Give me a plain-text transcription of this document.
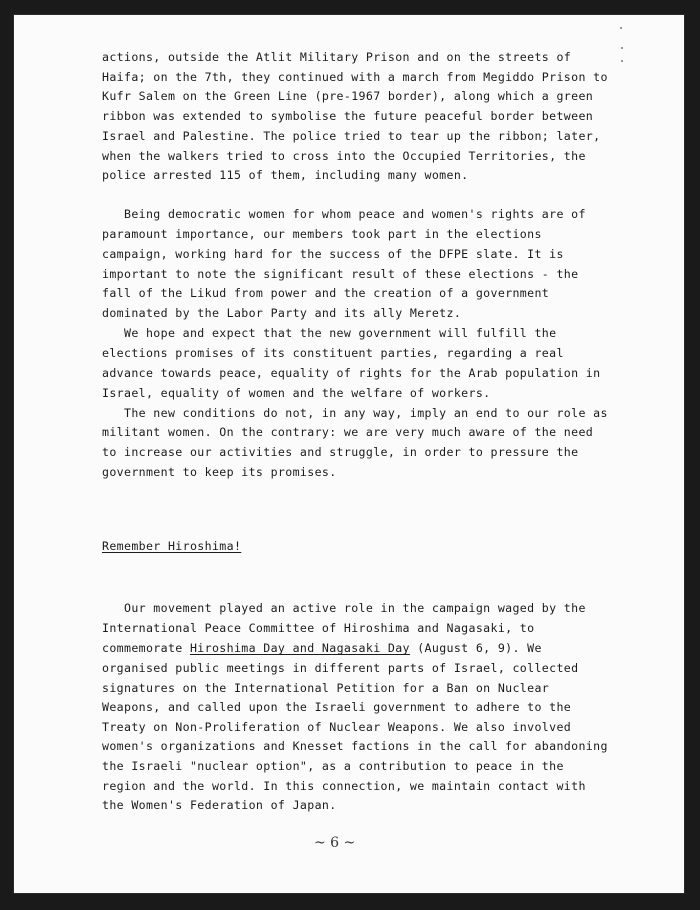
actions, outside the Atlit Military Prison and on the streets of
Haifa; on the 7th, they continued with a march from Megiddo Prison to
Kufr Salem on the Green Line (pre-1967 border), along which a green
ribbon was extended to symbolise the future peaceful border between
Israel and Palestine. The police tried to tear up the ribbon; later,
when the walkers tried to cross into the Occupied Territories, the
police arrested 115 of them, including many women.
Being democratic women for whom peace and women's rights are of
paramount importance, our members took part in the elections
campaign, working hard for the success of the DFPE slate. It is
important to note the significant result of these elections - the
fall of the Likud from power and the creation of a government
dominated by the Labor Party and its ally Meretz.
We hope and expect that the new government will fulfill the
elections promises of its constituent parties, regarding a real
advance towards peace, equality of rights for the Arab population in
Israel, equality of women and the welfare of workers.
The new conditions do not, in any way, imply an end to our role as
militant women. On the contrary: we are very much aware of the need
to increase our activities and struggle, in order to pressure the
government to keep its promises.
Remember Hiroshima!
Our movement played an active role in the campaign waged by the
International Peace Committee of Hiroshima and Nagasaki, to
commemorate Hiroshima Day and Nagasaki Day (August 6, 9). We
organised public meetings in different parts of Israel, collected
signatures on the International Petition for a Ban on Nuclear
Weapons, and called upon the Israeli government to adhere to the
Treaty on Non-Proliferation of Nuclear Weapons. We also involved
women's organizations and Knesset factions in the call for abandoning
the Israeli "nuclear option", as a contribution to peace in the
region and the world. In this connection, we maintain contact with
the Women's Federation of Japan.
~ 6 ~
